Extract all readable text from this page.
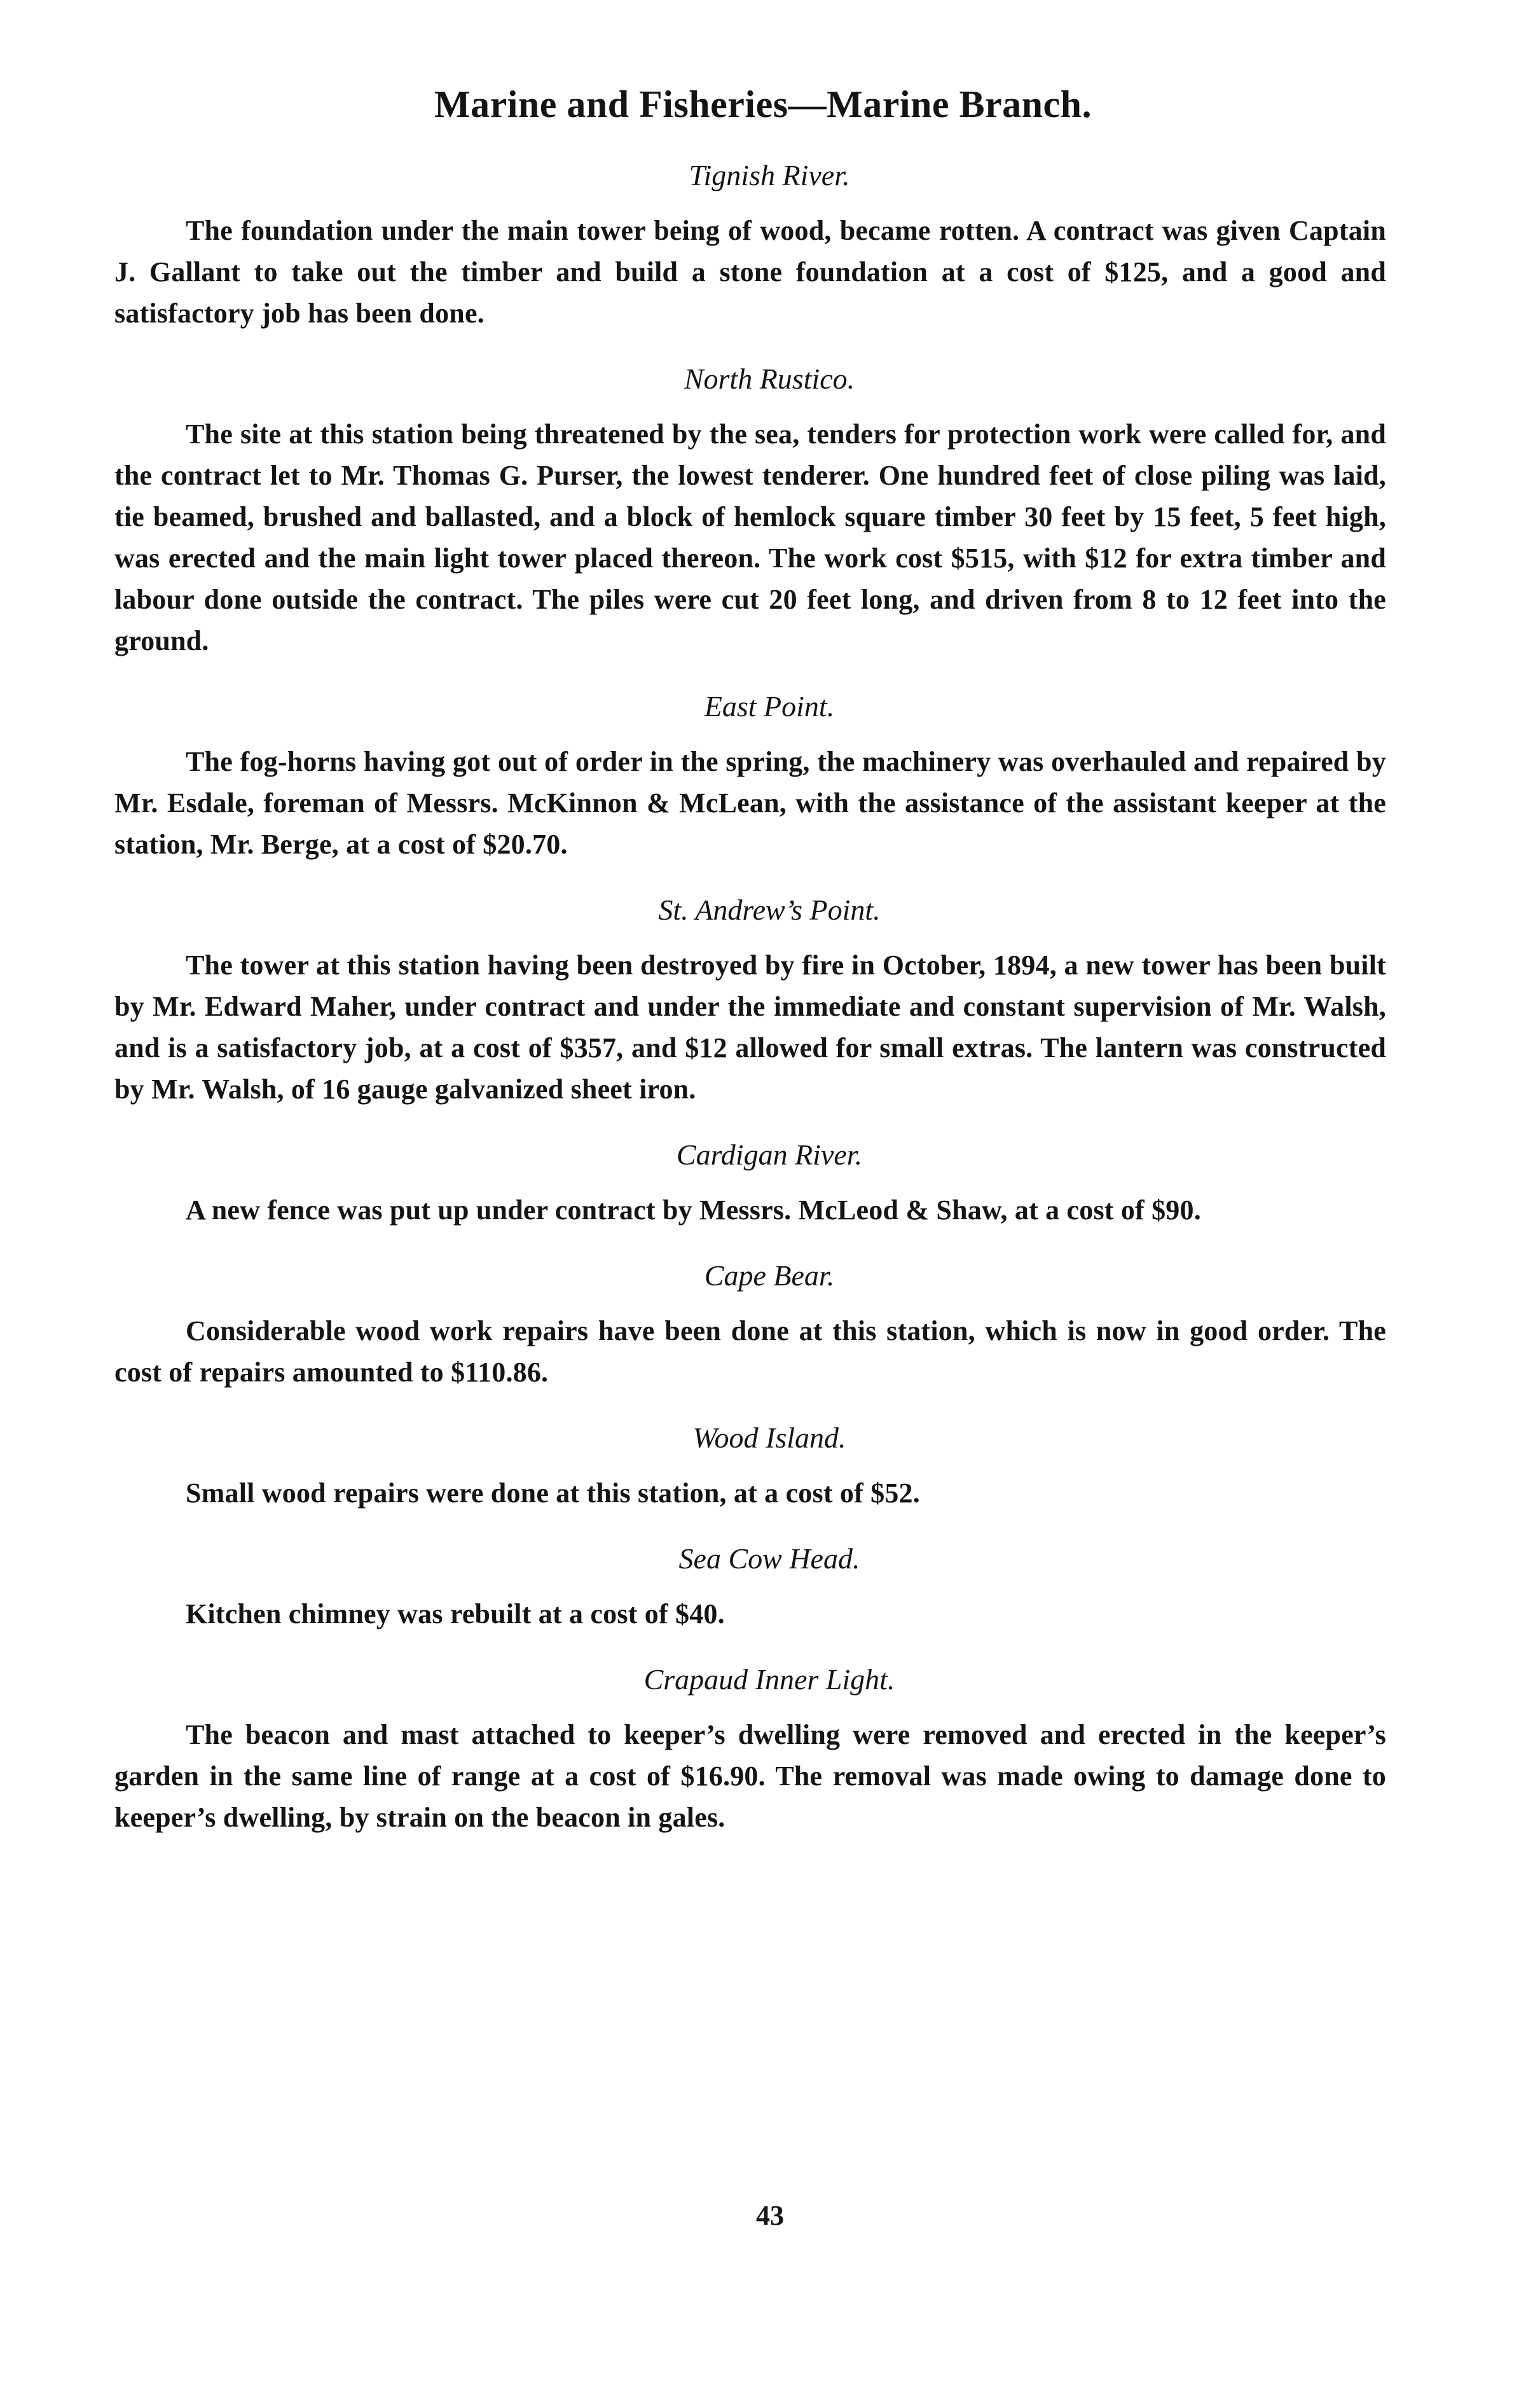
Marine and Fisheries—Marine Branch.
Tignish River.

The foundation under the main tower being of wood, became rotten. A contract was given Captain J. Gallant to take out the timber and build a stone foundation at a cost of $125, and a good and satisfactory job has been done.

North Rustico.

The site at this station being threatened by the sea, tenders for protection work were called for, and the contract let to Mr. Thomas G. Purser, the lowest tenderer. One hundred feet of close piling was laid, tie beamed, brushed and ballasted, and a block of hemlock square timber 30 feet by 15 feet, 5 feet high, was erected and the main light tower placed thereon. The work cost $515, with $12 for extra timber and labour done outside the contract. The piles were cut 20 feet long, and driven from 8 to 12 feet into the ground.

East Point.

The fog-horns having got out of order in the spring, the machinery was overhauled and repaired by Mr. Esdale, foreman of Messrs. McKinnon & McLean, with the assistance of the assistant keeper at the station, Mr. Berge, at a cost of $20.70.

St. Andrew’s Point.

The tower at this station having been destroyed by fire in October, 1894, a new tower has been built by Mr. Edward Maher, under contract and under the immediate and constant supervision of Mr. Walsh, and is a satisfactory job, at a cost of $357, and $12 allowed for small extras. The lantern was constructed by Mr. Walsh, of 16 gauge galvanized sheet iron.

Cardigan River.

A new fence was put up under contract by Messrs. McLeod & Shaw, at a cost of $90.

Cape Bear.

Considerable wood work repairs have been done at this station, which is now in good order. The cost of repairs amounted to $110.86.

Wood Island.

Small wood repairs were done at this station, at a cost of $52.

Sea Cow Head.

Kitchen chimney was rebuilt at a cost of $40.

Crapaud Inner Light.

The beacon and mast attached to keeper’s dwelling were removed and erected in the keeper’s garden in the same line of range at a cost of $16.90. The removal was made owing to damage done to keeper’s dwelling, by strain on the beacon in gales.

43
